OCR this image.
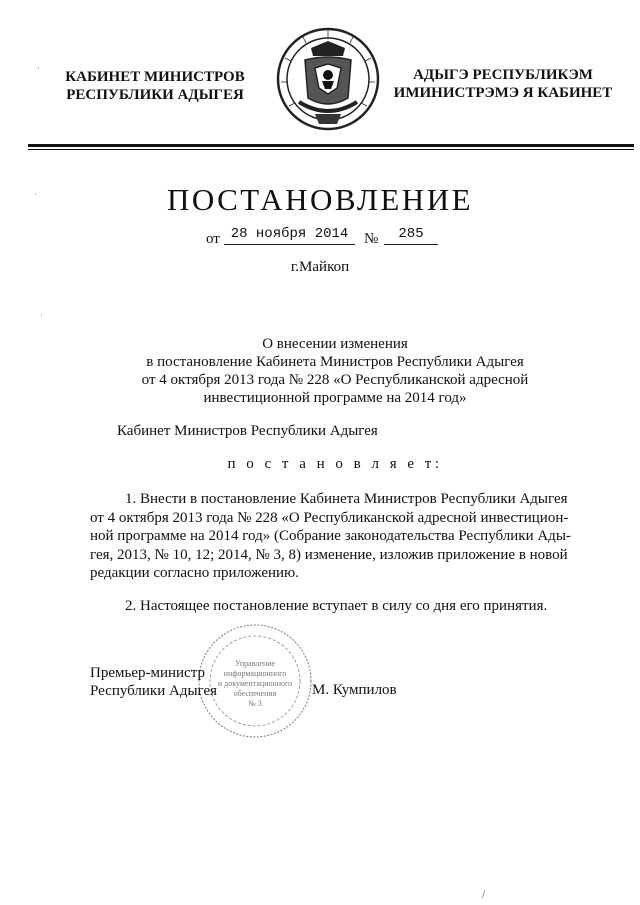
КАБИНЕТ МИНИСТРОВ
РЕСПУБЛИКИ АДЫГЕЯ
АДЫГЭ РЕСПУБЛИКЭМ
ИМИНИСТРЭМЭ Я КАБИНЕТ
ПОСТАНОВЛЕНИЕ
от 28 ноября 2014	№	285
г.Майкоп
О внесении изменения
в постановление Кабинета Министров Республики Адыгея
от 4 октября 2013 года № 228 «О Республиканской адресной
инвестиционной программе на 2014 год»
Кабинет Министров Республики Адыгея
п о с т а н о в л я е т:
1. Внести в постановление Кабинета Министров Республики Адыгея
от 4 октября 2013 года № 228 «О Республиканской адресной инвестицион-
ной программе на 2014 год» (Собрание законодательства Республики Ады-
гея, 2013, № 10, 12; 2014, № 3, 8) изменение, изложив приложение в новой
редакции согласно приложению.
2. Настоящее постановление вступает в силу со дня его принятия.
Управление
информационного
и документационного
обеспечения
№ 3
Премьер-министр
Республики Адыгея	М. Кумпилов
·
·
·
/
